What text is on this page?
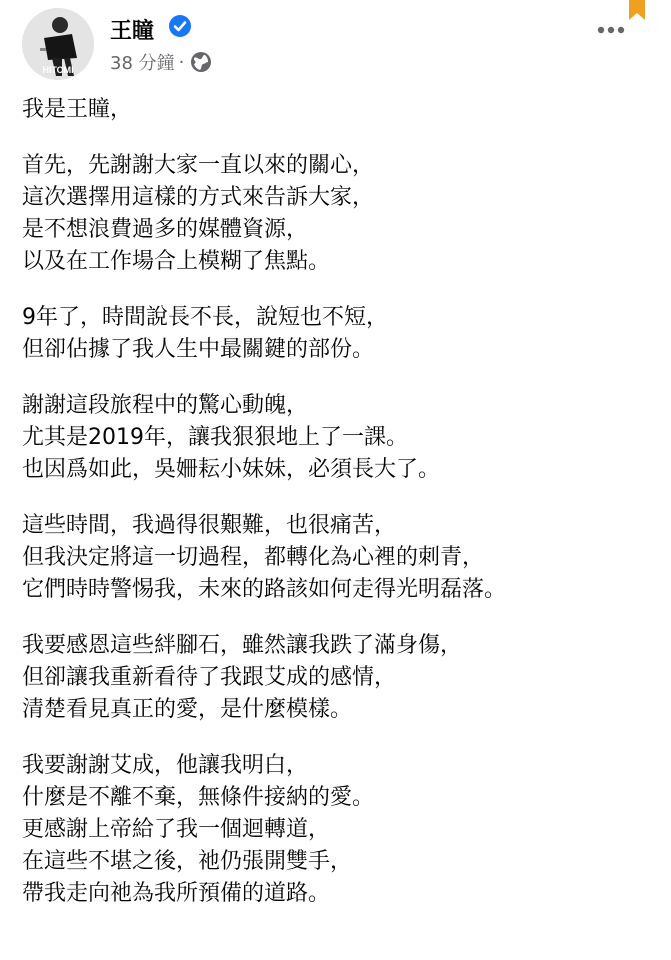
HITOMI
王瞳
38 分鐘 ·
我是王瞳，
首先，先謝謝大家一直以來的關心，
這次選擇用這樣的方式來告訴大家，
是不想浪費過多的媒體資源，
以及在工作場合上模糊了焦點。
9年了，時間說長不長，說短也不短，
但卻佔據了我人生中最關鍵的部份。
謝謝這段旅程中的驚心動魄，
尤其是2019年，讓我狠狠地上了一課。
也因爲如此，吳姍耘小妹妹，必須長大了。
這些時間，我過得很艱難，也很痛苦，
但我決定將這一切過程，都轉化為心裡的刺青，
它們時時警惕我，未來的路該如何走得光明磊落。
我要感恩這些絆腳石，雖然讓我跌了滿身傷，
但卻讓我重新看待了我跟艾成的感情，
清楚看見真正的愛，是什麼模樣。
我要謝謝艾成，他讓我明白，
什麼是不離不棄，無條件接納的愛。
更感謝上帝給了我一個迴轉道，
在這些不堪之後，祂仍張開雙手，
帶我走向祂為我所預備的道路。
